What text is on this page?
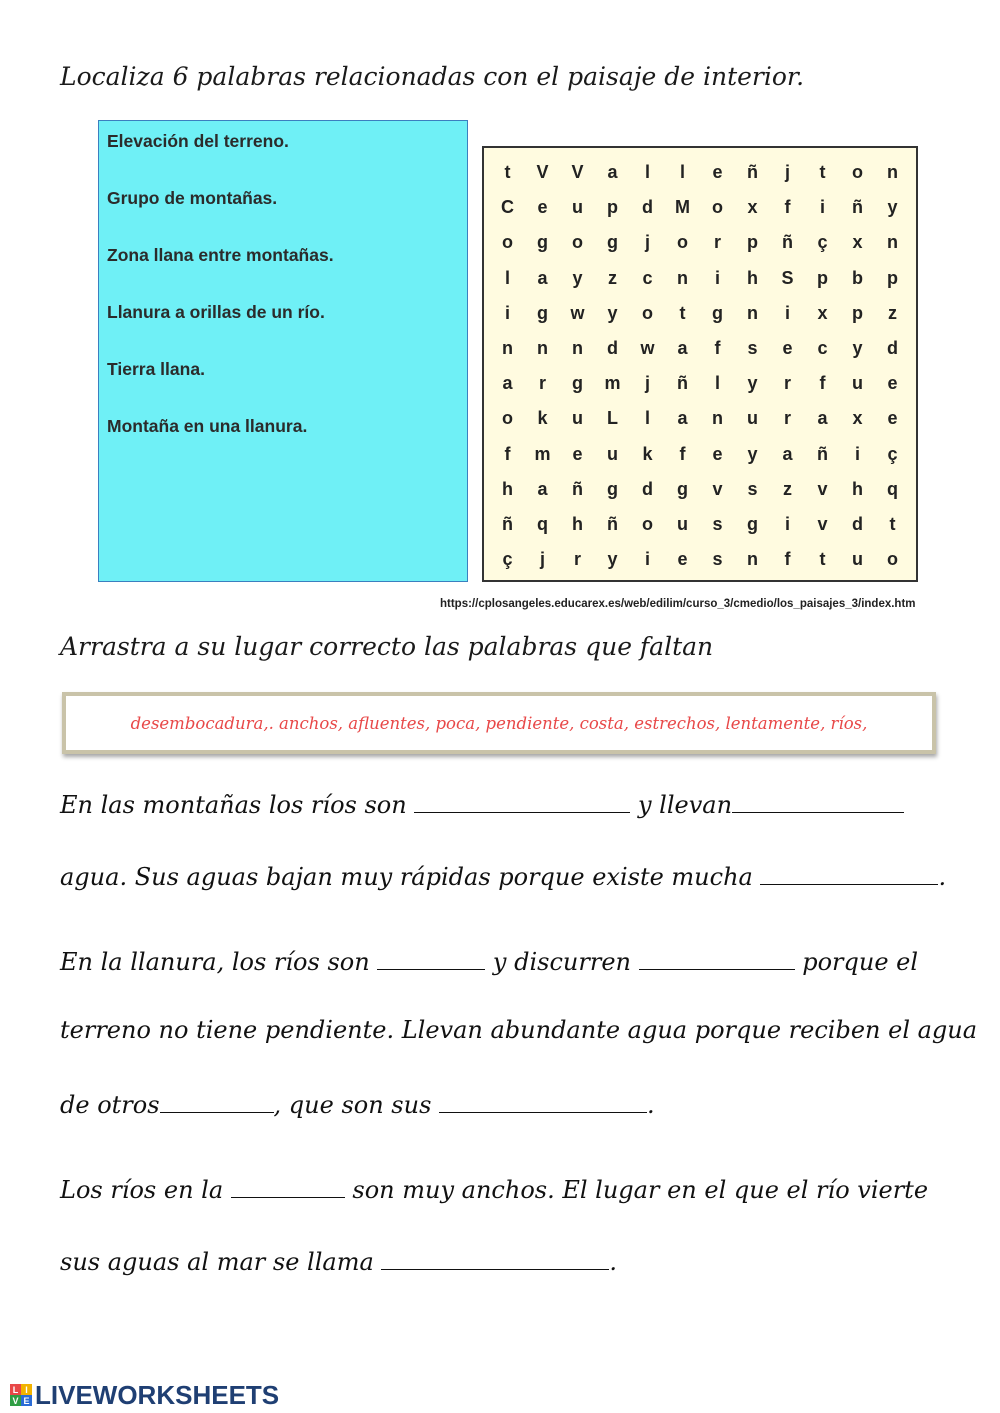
Localiza 6 palabras relacionadas con el paisaje de interior.
Elevación del terreno.
Grupo de montañas.
Zona llana entre montañas.
Llanura a orillas de un río.
Tierra llana.
Montaña en una llanura.
t	V	V	a	l	l	e	ñ	j	t	o	n
C	e	u	p	d	M	o	x	f	i	ñ	y
o	g	o	g	j	o	r	p	ñ	ç	x	n
l	a	y	z	c	n	i	h	S	p	b	p
i	g	w	y	o	t	g	n	i	x	p	z
n	n	n	d	w	a	f	s	e	c	y	d
a	r	g	m	j	ñ	l	y	r	f	u	e
o	k	u	L	l	a	n	u	r	a	x	e
f	m	e	u	k	f	e	y	a	ñ	i	ç
h	a	ñ	g	d	g	v	s	z	v	h	q
ñ	q	h	ñ	o	u	s	g	i	v	d	t
ç	j	r	y	i	e	s	n	f	t	u	o
https://cplosangeles.educarex.es/web/edilim/curso_3/cmedio/los_paisajes_3/index.htm
Arrastra a su lugar correcto las palabras que faltan
desembocadura,. anchos, afluentes, poca, pendiente, costa, estrechos, lentamente, ríos,
En las montañas los ríos son	y llevan
agua. Sus aguas bajan muy rápidas porque existe mucha	.
En la llanura, los ríos son	y discurren	porque el
terreno no tiene pendiente. Llevan abundante agua porque reciben el agua
de otros	, que son sus	.
Los ríos en la	son muy anchos. El lugar en el que el río vierte
sus aguas al mar se llama	.
L I
V E LIVEWORKSHEETS
